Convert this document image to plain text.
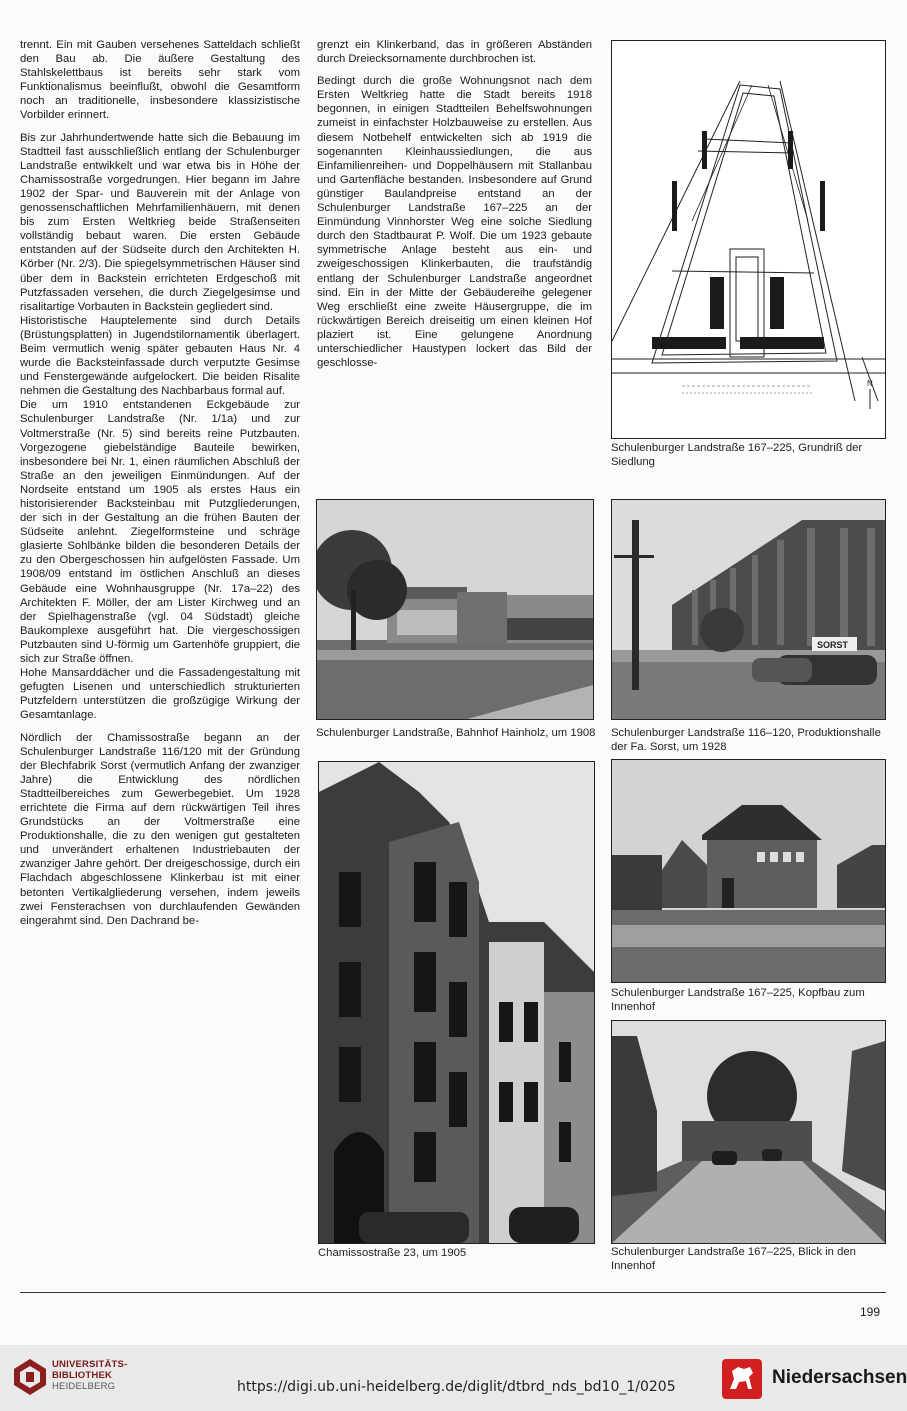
trennt. Ein mit Gauben versehenes Satteldach schließt den Bau ab. Die äußere Gestaltung des Stahlskelettbaus ist bereits sehr stark vom Funktionalismus beeinflußt, obwohl die Gesamtform noch an traditionelle, insbesondere klassizistische Vorbilder erinnert.

Bis zur Jahrhundertwende hatte sich die Bebauung im Stadtteil fast ausschließlich entlang der Schulenburger Landstraße entwikkelt und war etwa bis in Höhe der Chamissostraße vorgedrungen. Hier begann im Jahre 1902 der Spar- und Bauverein mit der Anlage von genossenschaftlichen Mehrfamilienhäuern, mit denen bis zum Ersten Weltkrieg beide Straßenseiten vollständig bebaut waren. Die ersten Gebäude entstanden auf der Südseite durch den Architekten H. Körber (Nr. 2/3). Die spiegelsymmetrischen Häuser sind über dem in Backstein errichteten Erdgeschoß mit Putzfassaden versehen, die durch Ziegelgesimse und risalitartige Vorbauten in Backstein gegliedert sind.

Historistische Hauptelemente sind durch Details (Brüstungsplatten) in Jugendstilornamentik überlagert. Beim vermutlich wenig später gebauten Haus Nr. 4 wurde die Backsteinfassade durch verputzte Gesimse und Fenstergewände aufgelockert. Die beiden Risalite nehmen die Gestaltung des Nachbarbaus formal auf.

Die um 1910 entstandenen Eckgebäude zur Schulenburger Landstraße (Nr. 1/1a) und zur Voltmerstraße (Nr. 5) sind bereits reine Putzbauten. Vorgezogene giebelständige Bauteile bewirken, insbesondere bei Nr. 1, einen räumlichen Abschluß der Straße an den jeweiligen Einmündungen. Auf der Nordseite entstand um 1905 als erstes Haus ein historisierender Backsteinbau mit Putzgliederungen, der sich in der Gestaltung an die frühen Bauten der Südseite anlehnt. Ziegelformsteine und schräge glasierte Sohlbänke bilden die besonderen Details der zu den Obergeschossen hin aufgelösten Fassade. Um 1908/09 entstand im östlichen Anschluß an dieses Gebäude eine Wohnhausgruppe (Nr. 17a–22) des Architekten F. Möller, der am Lister Kirchweg und an der Spielhagenstraße (vgl. 04 Südstadt) gleiche Baukomplexe ausgeführt hat. Die viergeschossigen Putzbauten sind U-förmig um Gartenhöfe gruppiert, die sich zur Straße öffnen.

Hohe Mansarddächer und die Fassadengestaltung mit gefugten Lisenen und unterschiedlich strukturierten Putzfeldern unterstützen die großzügige Wirkung der Gesamtanlage.

Nördlich der Chamissostraße begann an der Schulenburger Landstraße 116/120 mit der Gründung der Blechfabrik Sorst (vermutlich Anfang der zwanziger Jahre) die Entwicklung des nördlichen Stadtteilbereiches zum Gewerbegebiet. Um 1928 errichtete die Firma auf dem rückwärtigen Teil ihres Grundstücks an der Voltmerstraße eine Produktionshalle, die zu den wenigen gut gestalteten und unverändert erhaltenen Industriebauten der zwanziger Jahre gehört. Der dreigeschossige, durch ein Flachdach abgeschlossene Klinkerbau ist mit einer betonten Vertikalgliederung versehen, indem jeweils zwei Fensterachsen von durchlaufenden Gewänden eingerahmt sind. Den Dachrand be-

grenzt ein Klinkerband, das in größeren Abständen durch Dreiecksornamente durchbrochen ist.

Bedingt durch die große Wohnungsnot nach dem Ersten Weltkrieg hatte die Stadt bereits 1918 begonnen, in einigen Stadtteilen Behelfswohnungen zumeist in einfachster Holzbauweise zu erstellen. Aus diesem Notbehelf entwickelten sich ab 1919 die sogenannten Kleinhaussiedlungen, die aus Einfamilienreihen- und Doppelhäusern mit Stallanbau und Gartenfläche bestanden. Insbesondere auf Grund günstiger Baulandpreise entstand an der Schulenburger Landstraße 167–225 an der Einmündung Vinnhorster Weg eine solche Siedlung durch den Stadtbaurat P. Wolf. Die um 1923 gebaute symmetrische Anlage besteht aus ein- und zweigeschossigen Klinkerbauten, die traufständig entlang der Schulenburger Landstraße angeordnet sind. Ein in der Mitte der Gebäudereihe gelegener Weg erschließt eine zweite Häusergruppe, die im rückwärtigen Bereich dreiseitig um einen kleinen Hof plaziert ist. Eine gelungene Anordnung unterschiedlicher Haustypen lockert das Bild der geschlosse-

N
Schulenburger Landstraße 167–225, Grundriß der Siedlung
Schulenburger Landstraße, Bahnhof Hainholz, um 1908
SORST
Schulenburger Landstraße 116–120, Produktionshalle der Fa. Sorst, um 1928
Chamissostraße 23, um 1905
Schulenburger Landstraße 167–225, Kopfbau zum Innenhof
Schulenburger Landstraße 167–225, Blick in den Innenhof
199
UNIVERSITÄTS-
BIBLIOTHEK
HEIDELBERG	https://digi.ub.uni-heidelberg.de/diglit/dtbrd_nds_bd10_1/0205	Niedersachsen
